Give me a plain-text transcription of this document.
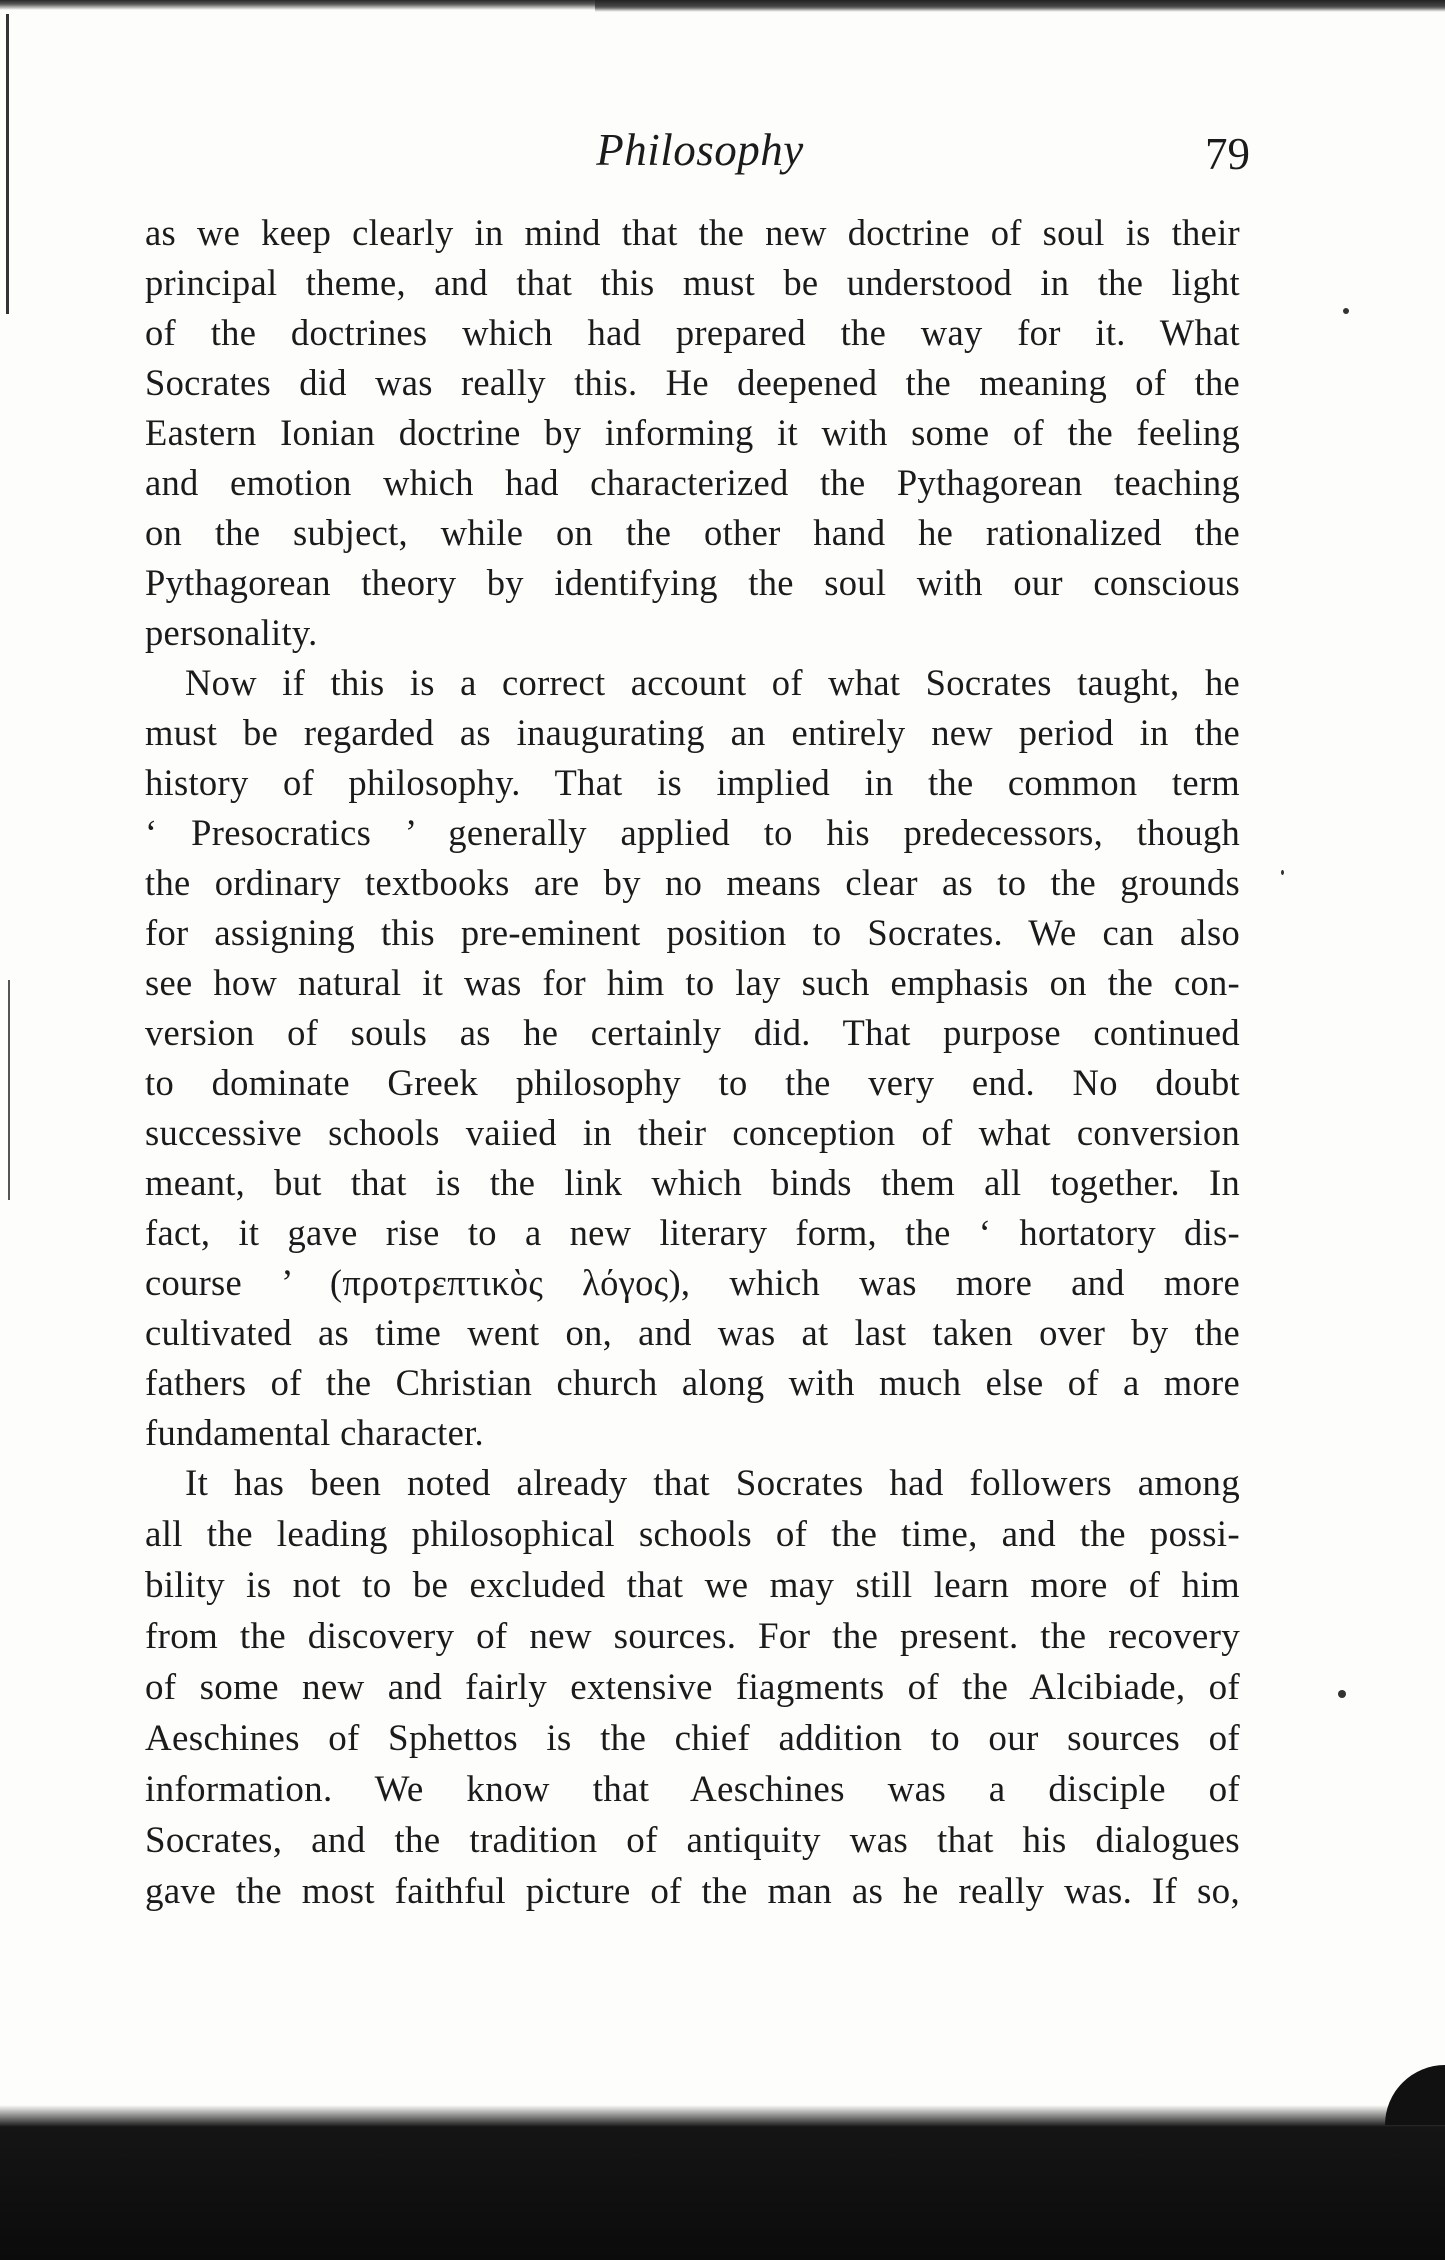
Philosophy	79
as we keep clearly in mind that the new doctrine of soul is their
principal theme, and that this must be understood in the light
of the doctrines which had prepared the way for it. What
Socrates did was really this. He deepened the meaning of the
Eastern Ionian doctrine by informing it with some of the feeling
and emotion which had characterized the Pythagorean teaching
on the subject, while on the other hand he rationalized the
Pythagorean theory by identifying the soul with our conscious
personality.
Now if this is a correct account of what Socrates taught, he
must be regarded as inaugurating an entirely new period in the
history of philosophy. That is implied in the common term
‘ Presocratics ’ generally applied to his predecessors, though
the ordinary textbooks are by no means clear as to the grounds
for assigning this pre-eminent position to Socrates. We can also
see how natural it was for him to lay such emphasis on the con-
version of souls as he certainly did. That purpose continued
to dominate Greek philosophy to the very end. No doubt
successive schools vaiied in their conception of what conversion
meant, but that is the link which binds them all together. In
fact, it gave rise to a new literary form, the ‘ hortatory dis-
course ’ (προτρεπτικὸς λόγος), which was more and more
cultivated as time went on, and was at last taken over by the
fathers of the Christian church along with much else of a more
fundamental character.
It has been noted already that Socrates had followers among
all the leading philosophical schools of the time, and the possi-
bility is not to be excluded that we may still learn more of him
from the discovery of new sources. For the present. the recovery
of some new and fairly extensive fiagments of the Alcibiade, of
Aeschines of Sphettos is the chief addition to our sources of
information. We know that Aeschines was a disciple of
Socrates, and the tradition of antiquity was that his dialogues
gave the most faithful picture of the man as he really was. If so,
